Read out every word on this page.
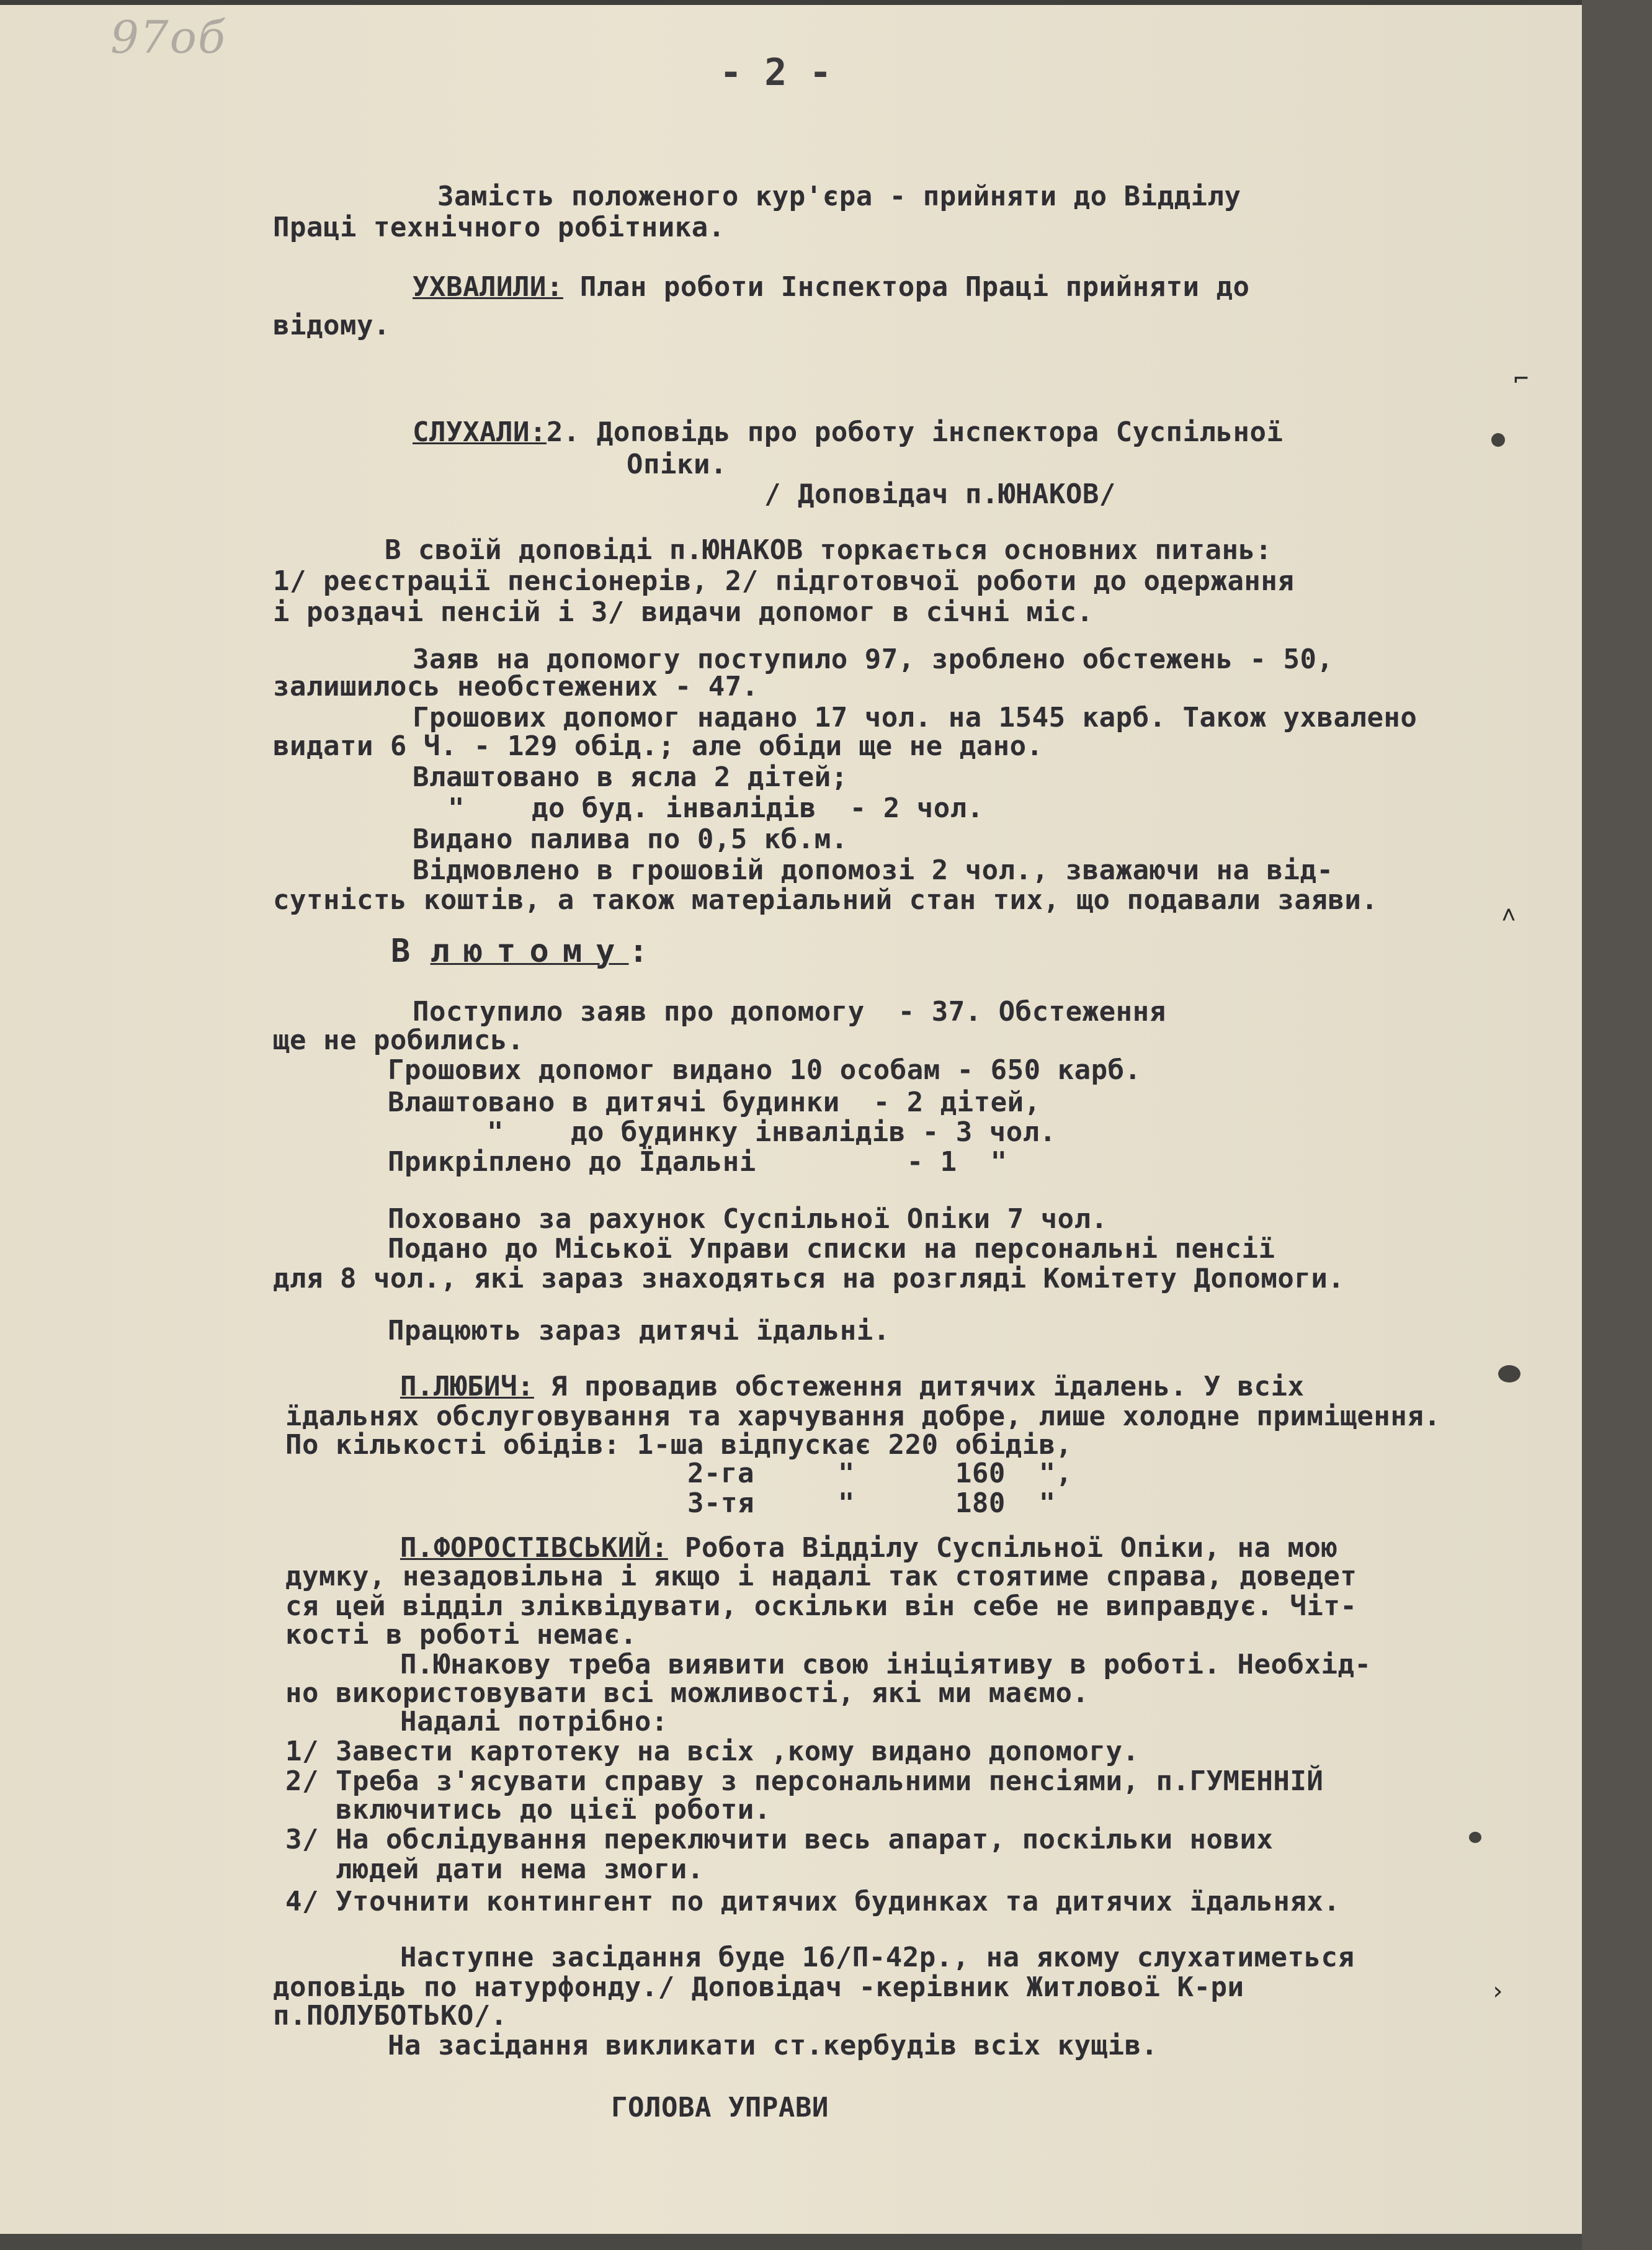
97об
- 2 -
Замість положеного кур'єра - прийняти до Відділу
Праці технічного робітника.
УХВАЛИЛИ: План роботи Інспектора Праці прийняти до
відому.
СЛУХАЛИ:2. Доповідь про роботу інспектора Суспільної
Опіки.
/ Доповідач п.ЮНАКОВ/
В своїй доповіді п.ЮНАКОВ торкається основних питань:
1/ реєстрації пенсіонерів, 2/ підготовчої роботи до одержання
і роздачі пенсій і 3/ видачи допомог в січні міс.
Заяв на допомогу поступило 97, зроблено обстежень - 50,
залишилось необстежених - 47.
Грошових допомог надано 17 чол. на 1545 карб. Також ухвалено
видати 6 Ч. - 129 обід.; але обіди ще не дано.
Влаштовано в ясла 2 дітей;
"    до буд. інвалідів  - 2 чол.
Видано палива по 0,5 кб.м.
Відмовлено в грошовій допомозі 2 чол., зважаючи на від-
сутність коштів, а також матеріальний стан тих, що подавали заяви.
В лютому:
Поступило заяв про допомогу  - 37. Обстеження
ще не робились.
Грошових допомог видано 10 особам - 650 карб.
Влаштовано в дитячі будинки  - 2 дітей,
"    до будинку інвалідів - 3 чол.
Прикріплено до Їдальні         - 1  "
Поховано за рахунок Суспільної Опіки 7 чол.
Подано до Міської Управи списки на персональні пенсії
для 8 чол., які зараз знаходяться на розгляді Комітету Допомоги.
Працюють зараз дитячі їдальні.
П.ЛЮБИЧ: Я провадив обстеження дитячих їдалень. У всіх
їдальнях обслуговування та харчування добре, лише холодне приміщення.
По кількості обідів: 1-ша відпускає 220 обідів,
2-га     "      160  ",
3-тя     "      180  "
П.ФОРОСТІВСЬКИЙ: Робота Відділу Суспільної Опіки, на мою
думку, незадовільна і якщо і надалі так стоятиме справа, доведет
ся цей відділ зліквідувати, оскільки він себе не виправдує. Чіт-
кості в роботі немає.
П.Юнакову треба виявити свою ініціятиву в роботі. Необхід-
но використовувати всі можливості, які ми маємо.
Надалі потрібно:
1/ Завести картотеку на всіх ,кому видано допомогу.
2/ Треба з'ясувати справу з персональними пенсіями, п.ГУМЕННІЙ
включитись до цієї роботи.
3/ На обслідування переключити весь апарат, поскільки нових
людей дати нема змоги.
4/ Уточнити контингент по дитячих будинках та дитячих їдальнях.
Наступне засідання буде 16/П-42р., на якому слухатиметься
доповідь по натурфонду./ Доповідач -керівник Житлової К-ри
п.ПОЛУБОТЬКО/.
На засідання викликати ст.кербудів всіх кущів.
ГОЛОВА УПРАВИ
⌐
˄
›
